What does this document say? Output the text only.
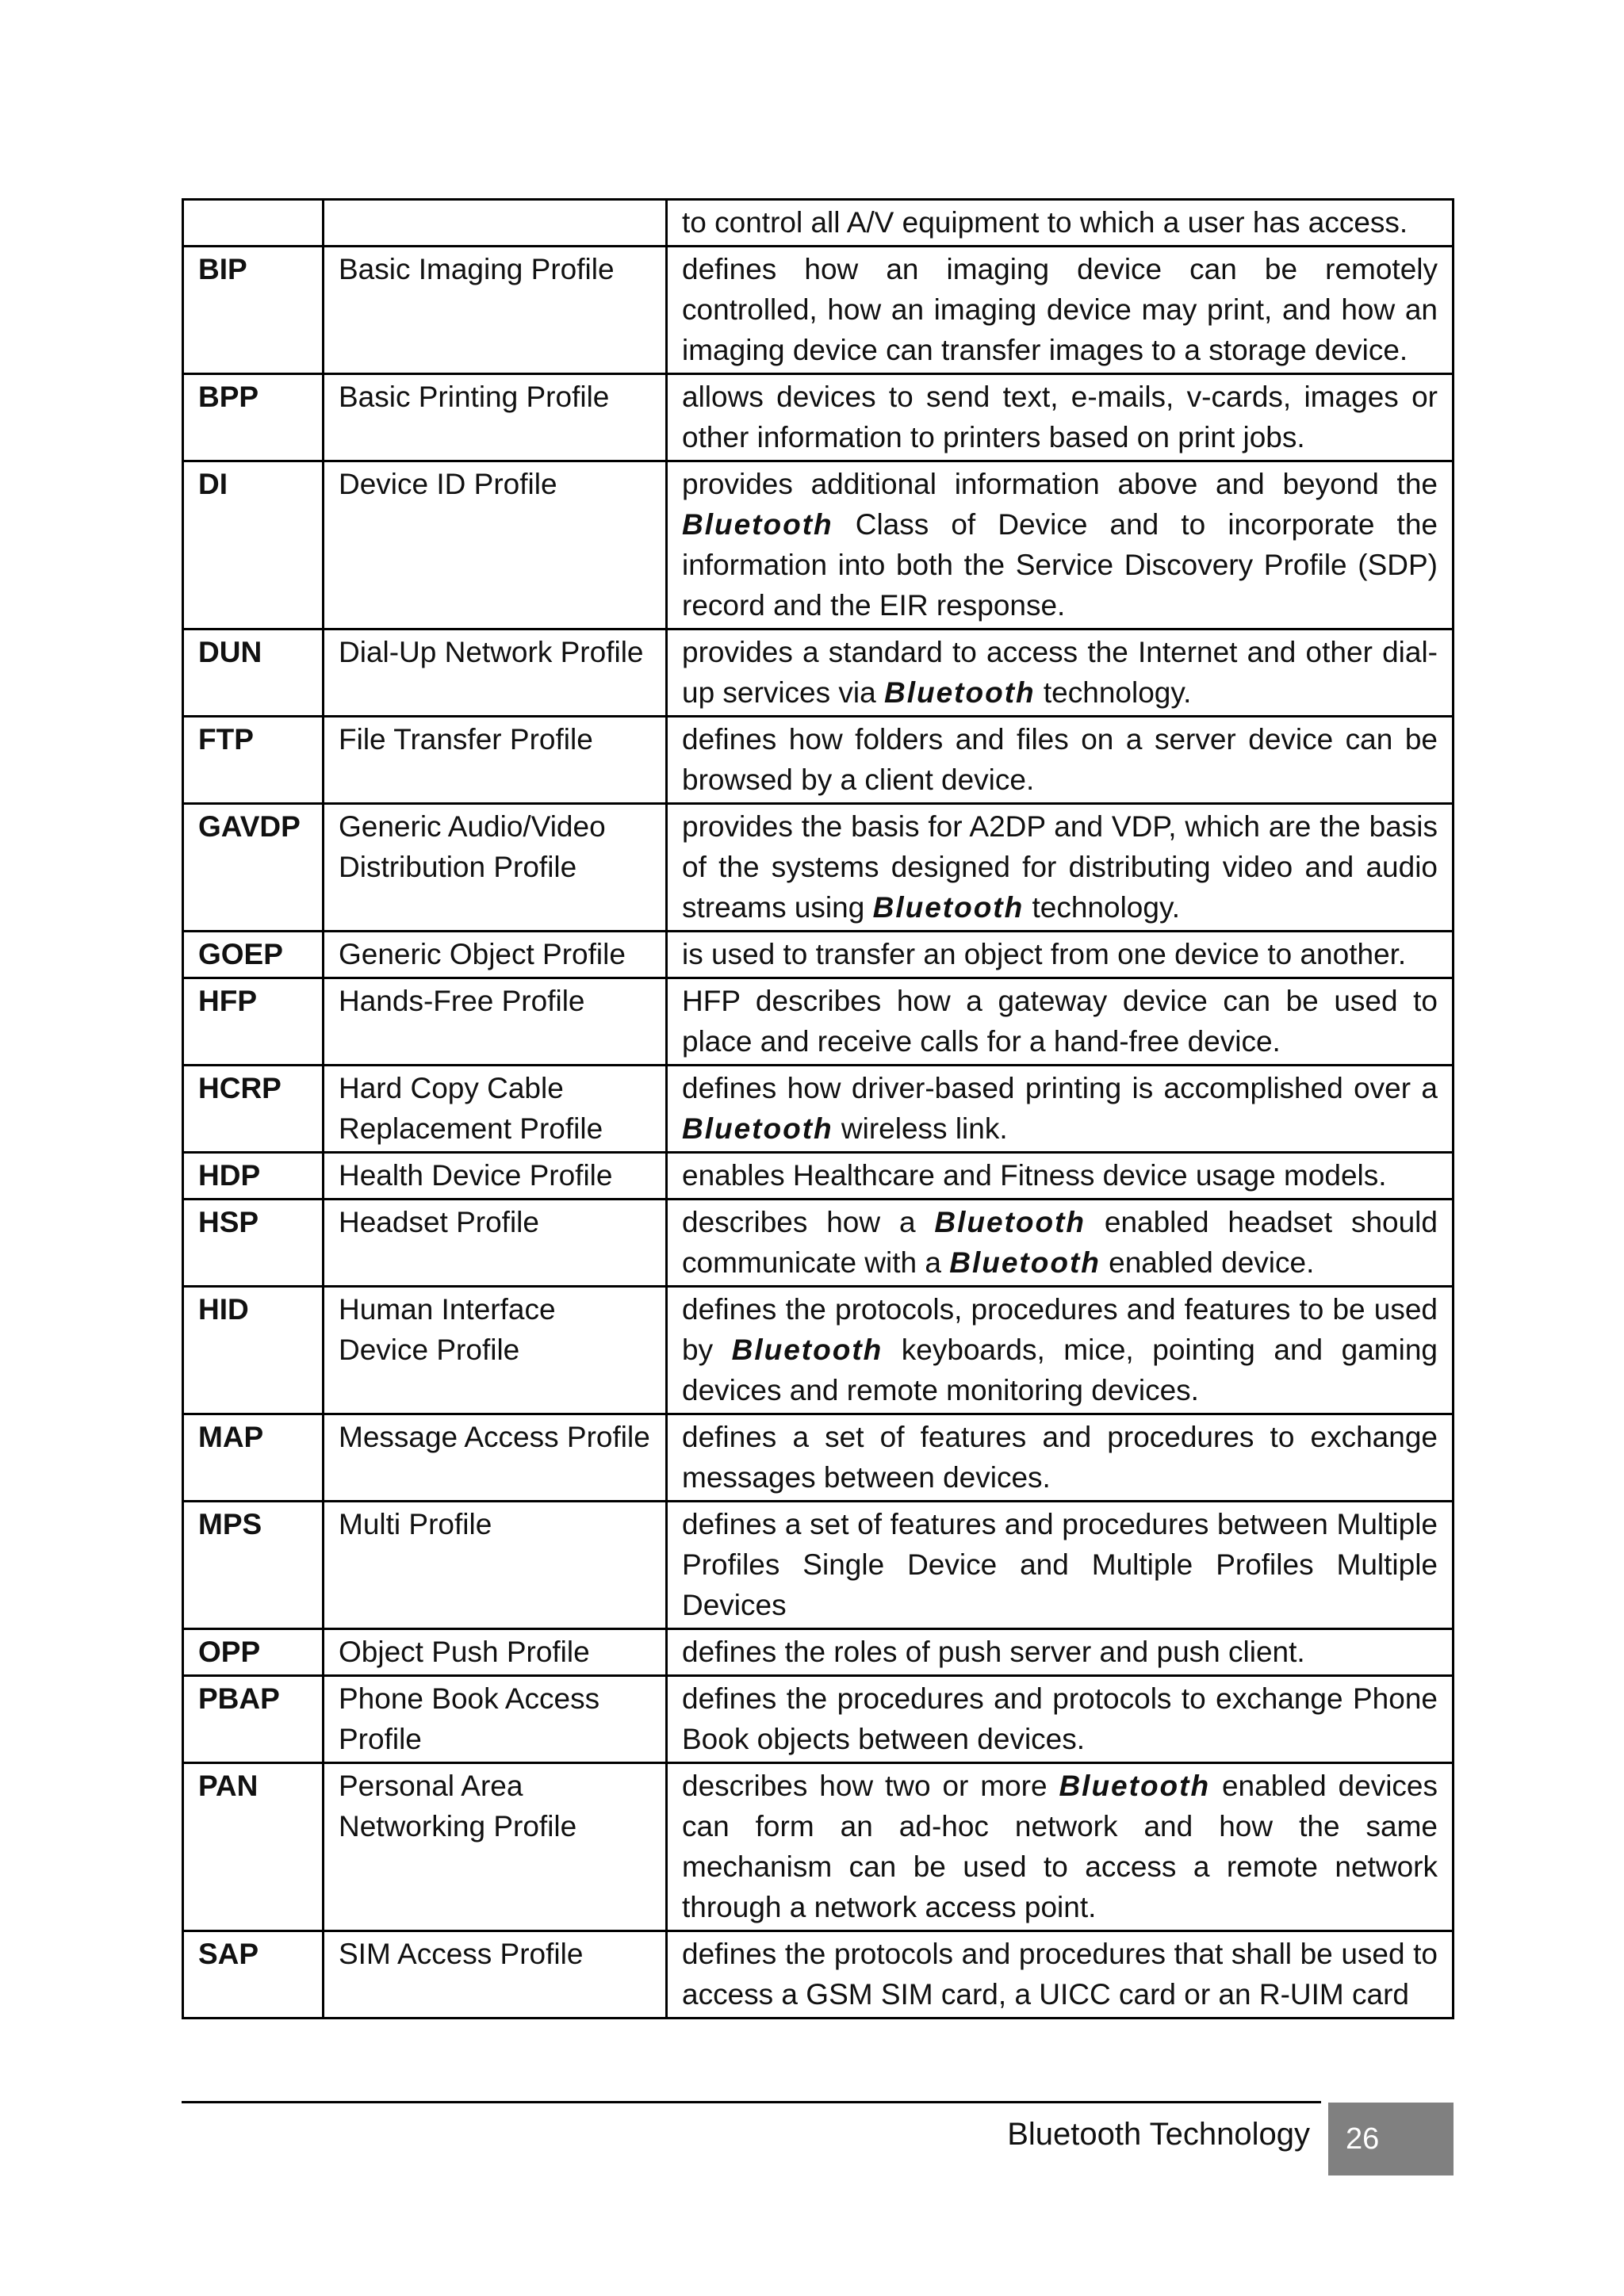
		to control all A/V equipment to which a user has access.
BIP	Basic Imaging Profile	defines how an imaging device can be remotely controlled, how an imaging device may print, and how an imaging device can transfer images to a storage device.
BPP	Basic Printing Profile	allows devices to send text, e-mails, v-cards, images or other information to printers based on print jobs.
DI	Device ID Profile	provides additional information above and beyond the Bluetooth Class of Device and to incorporate the information into both the Service Discovery Profile (SDP) record and the EIR response.
DUN	Dial-Up Network Profile	provides a standard to access the Internet and other dial-up services via Bluetooth technology.
FTP	File Transfer Profile	defines how folders and files on a server device can be browsed by a client device.
GAVDP	Generic Audio/Video Distribution Profile	provides the basis for A2DP and VDP, which are the basis of the systems designed for distributing video and audio streams using Bluetooth technology.
GOEP	Generic Object Profile	is used to transfer an object from one device to another.
HFP	Hands-Free Profile	HFP describes how a gateway device can be used to place and receive calls for a hand-free device.
HCRP	Hard Copy Cable Replacement Profile	defines how driver-based printing is accomplished over a Bluetooth wireless link.
HDP	Health Device Profile	enables Healthcare and Fitness device usage models.
HSP	Headset Profile	describes how a Bluetooth enabled headset should communicate with a Bluetooth enabled device.
HID	Human Interface Device Profile	defines the protocols, procedures and features to be used by Bluetooth keyboards, mice, pointing and gaming devices and remote monitoring devices.
MAP	Message Access Profile	defines a set of features and procedures to exchange messages between devices.
MPS	Multi Profile	defines a set of features and procedures between Multiple Profiles Single Device and Multiple Profiles Multiple Devices
OPP	Object Push Profile	defines the roles of push server and push client.
PBAP	Phone Book Access Profile	defines the procedures and protocols to exchange Phone Book objects between devices.
PAN	Personal Area Networking Profile	describes how two or more Bluetooth enabled devices can form an ad-hoc network and how the same mechanism can be used to access a remote network through a network access point.
SAP	SIM Access Profile	defines the protocols and procedures that shall be used to access a GSM SIM card, a UICC card or an R-UIM card
Bluetooth Technology	26
